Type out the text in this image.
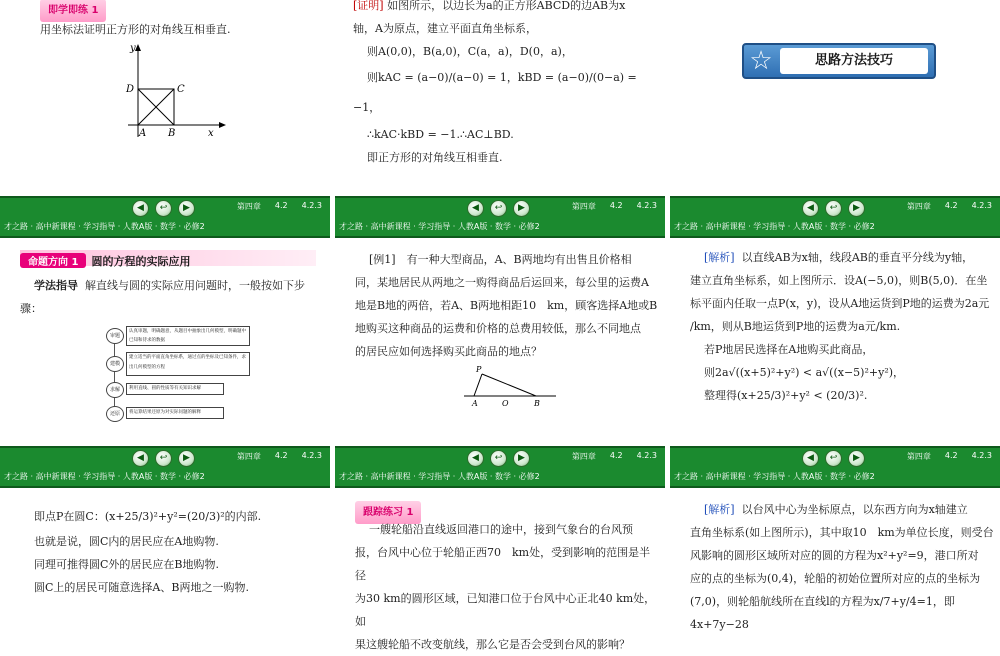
即学即练 1
用坐标法证明正方形的对角线互相垂直.
y
x
D	C
A B
◀	↩	▶	第四章 4.2 4.2.3
[证明] 如图所示，以边长为a的正方形ABCD的边AB为x
轴，A为原点，建立平面直角坐标系，
则A(0,0)，B(a,0)，C(a，a)，D(0，a)，
则kAC = (a−0)/(a−0) = 1，kBD = (a−0)/(0−a) = −1，
∴kAC·kBD = −1.∴AC⊥BD.
即正方形的对角线互相垂直.
◀	↩	▶	第四章 4.2 4.2.3
☆	思路方法技巧
◀	↩	▶	第四章 4.2 4.2.3
才之路 · 高中新课程 · 学习指导 · 人教A版 · 数学 · 必修2
命题方向 1 圆的方程的实际应用
学法指导 解直线与圆的实际应用问题时，一般按如下步骤：
审题
认真审题，明确题意，从题目中抽象出几何模型，明确题中已知和待求的数据
建模
建立适当的平面直角坐标系，通过点的坐标及已知条件，求出几何模型的方程
求解	利用直线、圆的性质等有关知识求解
还原	将运算结果还原为对实际问题的解释
◀	↩	▶	第四章 4.2 4.2.3
才之路 · 高中新课程 · 学习指导 · 人教A版 · 数学 · 必修2
[例1]　有一种大型商品，A、B两地均有出售且价格相
同，某地居民从两地之一购得商品后运回来，每公里的运费A
地是B地的两倍，若A、B两地相距10　km，顾客选择A地或B
地购买这种商品的运费和价格的总费用较低，那么不同地点
的居民应如何选择购买此商品的地点？
P
A	O	B
◀	↩	▶	第四章 4.2 4.2.3
才之路 · 高中新课程 · 学习指导 · 人教A版 · 数学 · 必修2
[解析] 以直线AB为x轴，线段AB的垂直平分线为y轴，
建立直角坐标系，如上图所示．设A(−5,0)，则B(5,0)．在坐
标平面内任取一点P(x，y)，设从A地运货到P地的运费为2a元
/km，则从B地运货到P地的运费为a元/km.
若P地居民选择在A地购买此商品，
则2a√((x+5)²+y²) < a√((x−5)²+y²)，
整理得(x+25/3)²+y² < (20/3)².
◀	↩	▶	第四章 4.2 4.2.3
才之路 · 高中新课程 · 学习指导 · 人教A版 · 数学 · 必修2
即点P在圆C：(x+25/3)²+y²=(20/3)²的内部.
也就是说，圆C内的居民应在A地购物.
同理可推得圆C外的居民应在B地购物.
圆C上的居民可随意选择A、B两地之一购物.
才之路 · 高中新课程 · 学习指导 · 人教A版 · 数学 · 必修2
跟踪练习 1
一艘轮船沿直线返回港口的途中，接到气象台的台风预
报，台风中心位于轮船正西70　km处，受到影响的范围是半径
为30 km的圆形区域，已知港口位于台风中心正北40 km处，如
果这艘轮船不改变航线，那么它是否会受到台风的影响？
才之路 · 高中新课程 · 学习指导 · 人教A版 · 数学 · 必修2
[解析] 以台风中心为坐标原点，以东西方向为x轴建立
直角坐标系(如上图所示)，其中取10　km为单位长度，则受台
风影响的圆形区域所对应的圆的方程为x²+y²=9，港口所对
应的点的坐标为(0,4)，轮船的初始位置所对应的点的坐标为
(7,0)，则轮船航线所在直线l的方程为x/7+y/4=1，即4x+7y−28
